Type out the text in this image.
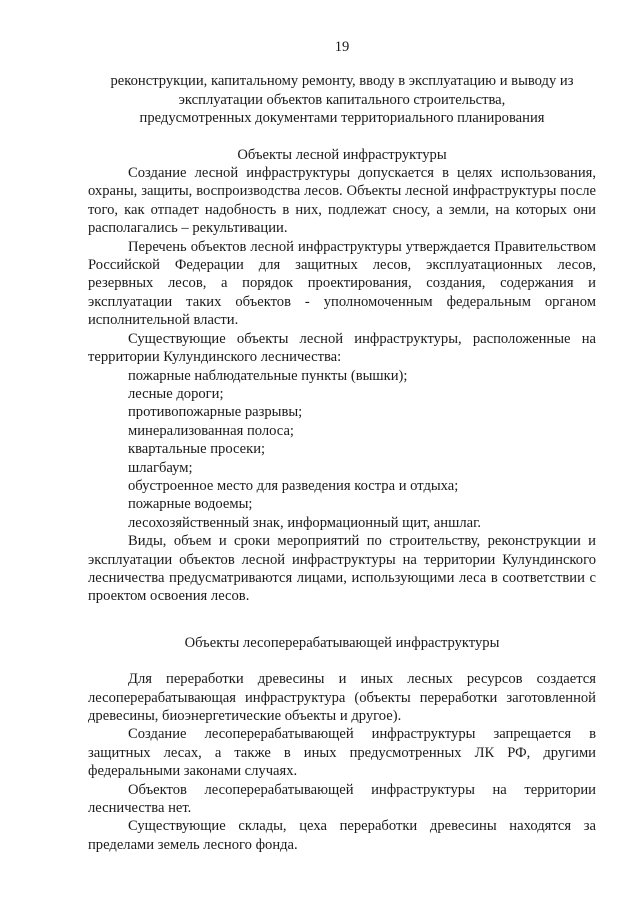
19

реконструкции, капитальному ремонту, вводу в эксплуатацию и выводу из

эксплуатации объектов капитального строительства,

предусмотренных документами территориального планирования

Объекты лесной инфраструктуры

Создание лесной инфраструктуры допускается в целях использования, охраны, защиты, воспроизводства лесов. Объекты лесной инфраструктуры после того, как отпадет надобность в них, подлежат сносу, а земли, на которых они располагались – рекультивации.

Перечень объектов лесной инфраструктуры утверждается Правительством Российской Федерации для защитных лесов, эксплуатационных лесов, резервных лесов, а порядок проектирования, создания, содержания и эксплуатации таких объектов - уполномоченным федеральным органом исполнительной власти.

Существующие объекты лесной инфраструктуры, расположенные на территории Кулундинского лесничества:

пожарные наблюдательные пункты (вышки);
лесные дороги;
противопожарные разрывы;
минерализованная полоса;
квартальные просеки;
шлагбаум;
обустроенное место для разведения костра и отдыха;
пожарные водоемы;
лесохозяйственный знак, информационный щит, аншлаг.

Виды, объем и сроки мероприятий по строительству, реконструкции и эксплуатации объектов лесной инфраструктуры на территории Кулундинского лесничества предусматриваются лицами, использующими леса в соответствии с проектом освоения лесов.

Объекты лесоперерабатывающей инфраструктуры

Для переработки древесины и иных лесных ресурсов создается лесоперерабатывающая инфраструктура (объекты переработки заготовленной древесины, биоэнергетические объекты и другое).

Создание лесоперерабатывающей инфраструктуры запрещается в защитных лесах, а также в иных предусмотренных ЛК РФ, другими федеральными законами случаях.

Объектов лесоперерабатывающей инфраструктуры на территории лесничества нет.

Существующие склады, цеха переработки древесины находятся за пределами земель лесного фонда.
